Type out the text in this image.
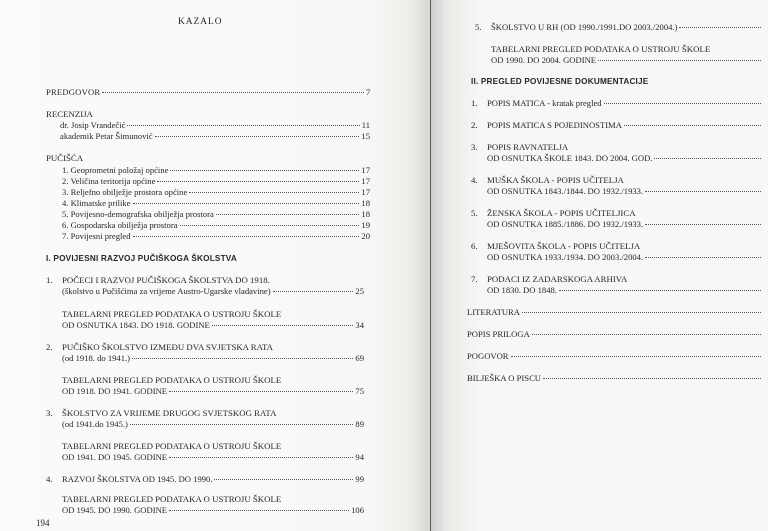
KAZALO
PREDGOVOR	7
RECENZIJA
dr. Josip Vrandečić	11
akademik Petar Šimunović	15
PUČIŠĆA
1. Geoprometni položaj općine	17
2. Veličina teritorija općine	17
3. Reljefno obilježje prostora općine	17
4. Klimatske prilike	18
5. Povijesno-demografska obilježja prostora	18
6. Gospodarska obilježja prostora	19
7. Povijesni pregled	20
I. POVIJESNI RAZVOJ PUČIŠKOGA ŠKOLSTVA
1. POČECI I RAZVOJ PUČIŠKOGA ŠKOLSTVA DO 1918.
(školstvo u Pučišćima za vrijeme Austro-Ugarske vladavine)	25
TABELARNI PREGLED PODATAKA O USTROJU ŠKOLE
OD OSNUTKA 1843. DO 1918. GODINE	34
2. PUČIŠKO ŠKOLSTVO IZMEĐU DVA SVJETSKA RATA
(od 1918. do 1941.)	69
TABELARNI PREGLED PODATAKA O USTROJU ŠKOLE
OD 1918. DO 1941. GODINE	75
3. ŠKOLSTVO ZA VRIJEME DRUGOG SVJETSKOG RATA
(od 1941.do 1945.)	89
TABELARNI PREGLED PODATAKA O USTROJU ŠKOLE
OD 1941. DO 1945. GODINE	94
4. RAZVOJ ŠKOLSTVA OD 1945. DO 1990.	99
TABELARNI PREGLED PODATAKA O USTROJU ŠKOLE
OD 1945. DO 1990. GODINE	106
194
5. ŠKOLSTVO U RH (OD 1990./1991.DO 2003./2004.)
TABELARNI PREGLED PODATAKA O USTROJU ŠKOLE
OD 1990. DO 2004. GODINE
II. PREGLED POVIJESNE DOKUMENTACIJE
1. POPIS MATICA - kratak pregled
2. POPIS MATICA S POJEDINOSTIMA
3. POPIS RAVNATELJA
OD OSNUTKA ŠKOLE 1843. DO 2004. GOD.
4. MUŠKA ŠKOLA - POPIS UČITELJA
OD OSNUTKA 1843./1844. DO 1932./1933.
5. ŽENSKA ŠKOLA - POPIS UČITELJICA
OD OSNUTKA 1885./1886. DO 1932./1933.
6. MJEŠOVITA ŠKOLA - POPIS UČITELJA
OD OSNUTKA 1933./1934. DO 2003./2004.
7. PODACI IZ ZADARSKOGA ARHIVA
OD 1830. DO 1848.
LITERATURA
POPIS PRILOGA
POGOVOR
BILJEŠKA O PISCU
